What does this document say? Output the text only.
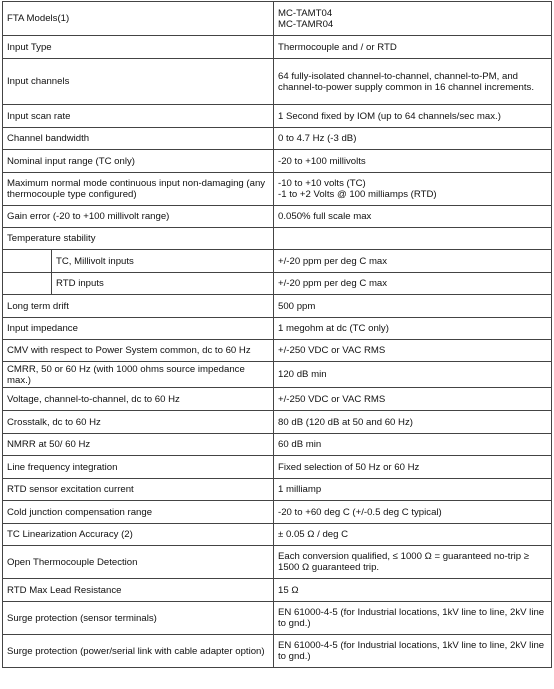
FTA Models(1)		MC-TAMT04
MC-TAMR04
Input Type		Thermocouple and / or RTD
Input channels		64 fully-isolated channel-to-channel, channel-to-PM, and channel-to-power supply common in 16 channel increments.
Input scan rate		1 Second fixed by IOM (up to 64 channels/sec max.)
Channel bandwidth		0 to 4.7 Hz (-3 dB)
Nominal input range (TC only)		-20 to +100 millivolts
Maximum normal mode continuous input non-damaging (any thermocouple type configured)		-10 to +10 volts (TC)
-1 to +2 Volts @ 100 milliamps (RTD)
Gain error (-20 to +100 millivolt range)		0.050% full scale max
Temperature stability		
	TC, Millivolt inputs	+/-20 ppm per deg C max
	RTD inputs	+/-20 ppm per deg C max
Long term drift		500 ppm
Input impedance		1 megohm at dc (TC only)
CMV with respect to Power System common, dc to 60 Hz		+/-250 VDC or VAC RMS
CMRR, 50 or 60 Hz (with 1000 ohms source impedance max.)		120 dB min
Voltage, channel-to-channel, dc to 60 Hz		+/-250 VDC or VAC RMS
Crosstalk, dc to 60 Hz		80 dB (120 dB at 50 and 60 Hz)
NMRR at 50/ 60 Hz		60 dB min
Line frequency integration		Fixed selection of 50 Hz or 60 Hz
RTD sensor excitation current		1 milliamp
Cold junction compensation range		-20 to +60 deg C (+/-0.5 deg C typical)
TC Linearization Accuracy (2)		± 0.05 Ω / deg C
Open Thermocouple Detection		Each conversion qualified, ≤ 1000 Ω = guaranteed no-trip ≥ 1500 Ω guaranteed trip.
RTD Max Lead Resistance		15 Ω
Surge protection (sensor terminals)		EN 61000-4-5 (for Industrial locations, 1kV line to line, 2kV line to gnd.)
Surge protection (power/serial link with cable adapter option)		EN 61000-4-5 (for Industrial locations, 1kV line to line, 2kV line to gnd.)
